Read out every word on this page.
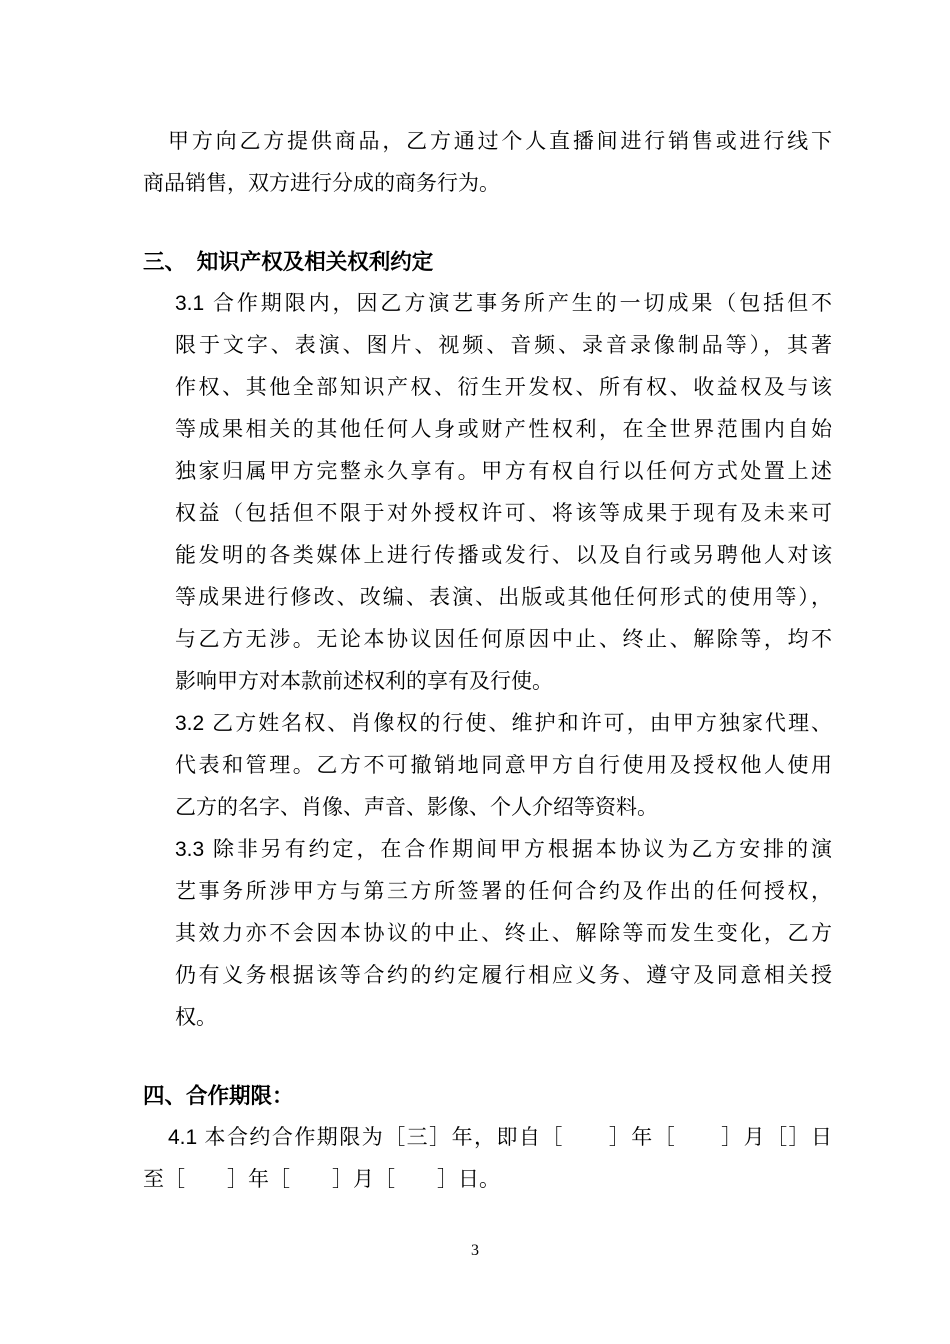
甲方向乙方提供商品，乙方通过个人直播间进行销售或进行线下
商品销售，双方进行分成的商务行为。
三、　知识产权及相关权利约定
3.1 合作期限内，因乙方演艺事务所产生的一切成果（包括但不
限于文字、表演、图片、视频、音频、录音录像制品等），其著
作权、其他全部知识产权、衍生开发权、所有权、收益权及与该
等成果相关的其他任何人身或财产性权利，在全世界范围内自始
独家归属甲方完整永久享有。甲方有权自行以任何方式处置上述
权益（包括但不限于对外授权许可、将该等成果于现有及未来可
能发明的各类媒体上进行传播或发行、以及自行或另聘他人对该
等成果进行修改、改编、表演、出版或其他任何形式的使用等），
与乙方无涉。无论本协议因任何原因中止、终止、解除等，均不
影响甲方对本款前述权利的享有及行使。
3.2 乙方姓名权、肖像权的行使、维护和许可，由甲方独家代理、
代表和管理。乙方不可撤销地同意甲方自行使用及授权他人使用
乙方的名字、肖像、声音、影像、个人介绍等资料。
3.3 除非另有约定，在合作期间甲方根据本协议为乙方安排的演
艺事务所涉甲方与第三方所签署的任何合约及作出的任何授权，
其效力亦不会因本协议的中止、终止、解除等而发生变化，乙方
仍有义务根据该等合约的约定履行相应义务、遵守及同意相关授
权。
四、合作期限：
4.1 本合约合作期限为［三］年，即自［　　］年［　　］月［］日
至［　　］年［　　］月［　　］日。
3
